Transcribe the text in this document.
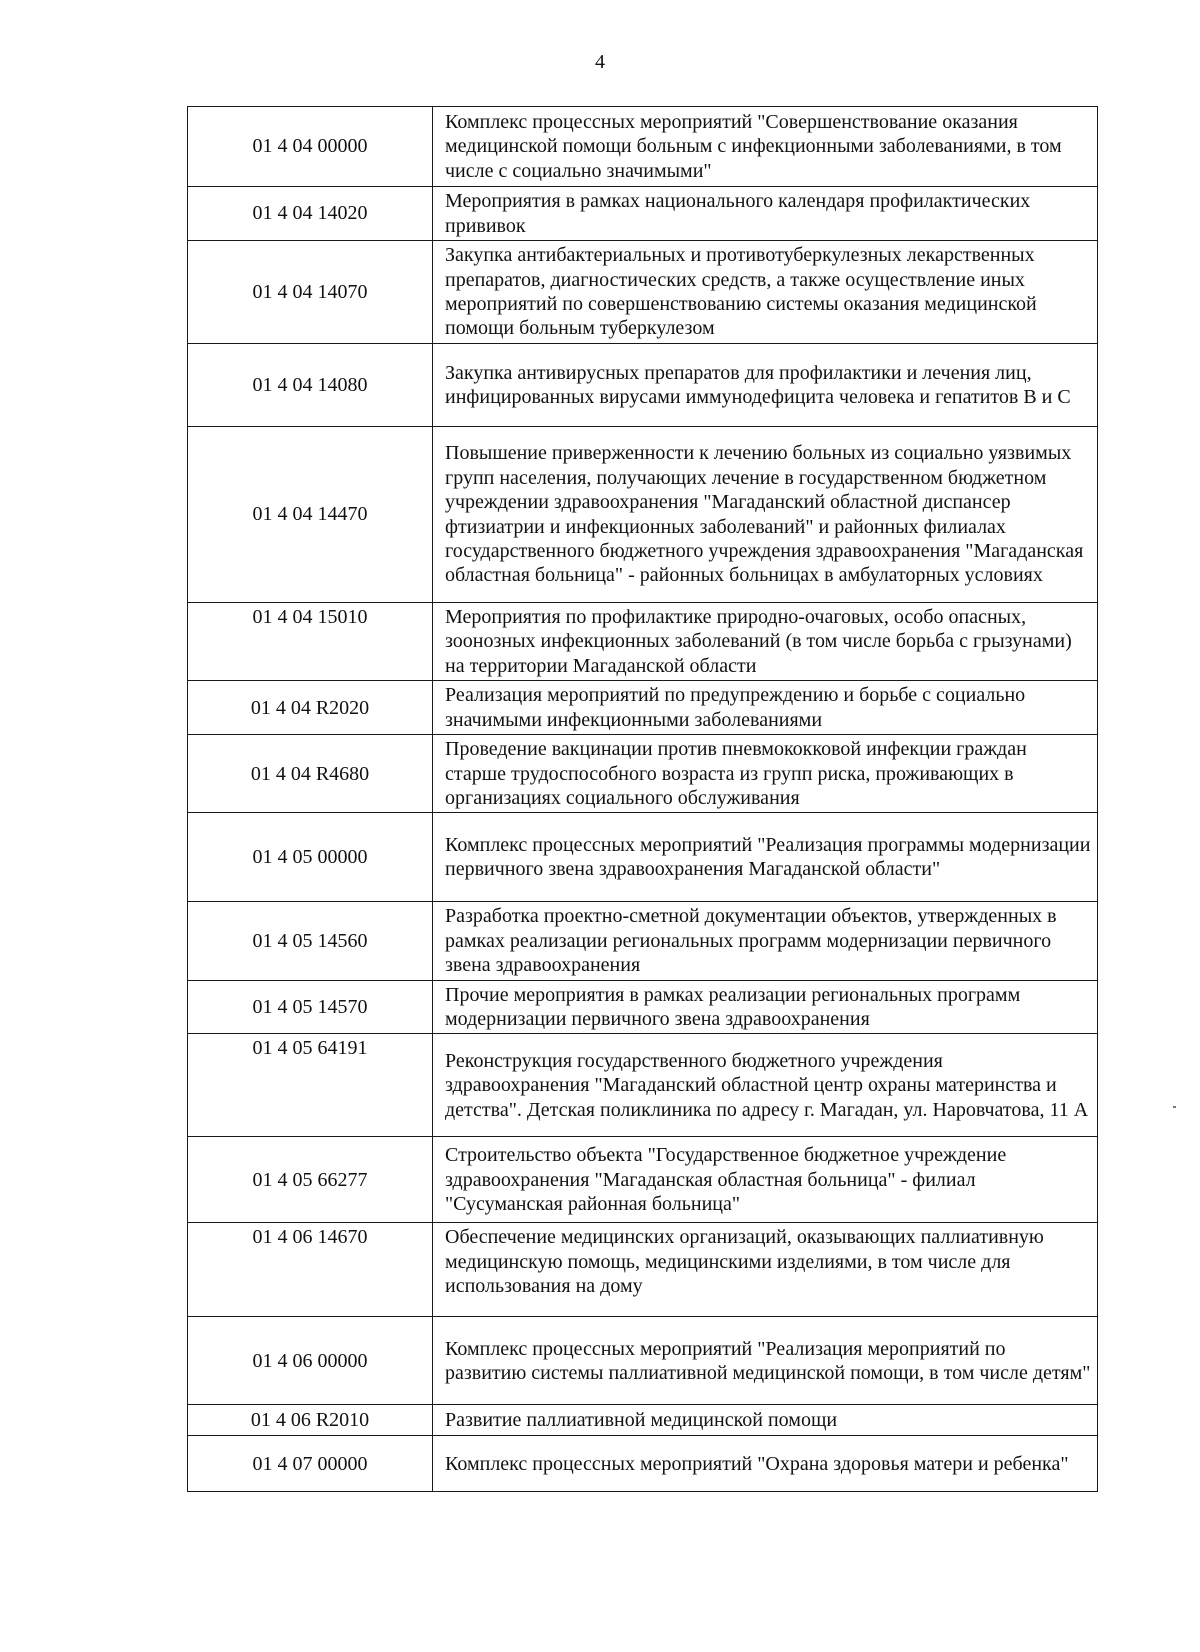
4
01 4 04 00000	Комплекс процессных мероприятий "Совершенствование оказания медицинской помощи больным с инфекционными заболеваниями, в том числе с социально значимыми"
01 4 04 14020	Мероприятия в рамках национального календаря профилактических прививок
01 4 04 14070	Закупка антибактериальных и противотуберкулезных лекарственных препаратов, диагностических средств, а также осуществление иных мероприятий по совершенствованию системы оказания медицинской помощи больным туберкулезом
01 4 04 14080	Закупка антивирусных препаратов для профилактики и лечения лиц, инфицированных вирусами иммунодефицита человека и гепатитов В и С
01 4 04 14470	Повышение приверженности к лечению больных из социально уязвимых групп населения, получающих лечение в государственном бюджетном учреждении здравоохранения "Магаданский областной диспансер фтизиатрии и инфекционных заболеваний" и районных филиалах государственного бюджетного учреждения здравоохранения "Магаданская областная больница" - районных больницах в амбулаторных условиях
01 4 04 15010	Мероприятия по профилактике природно-очаговых, особо опасных, зоонозных инфекционных заболеваний (в том числе борьба с грызунами) на территории Магаданской области
01 4 04 R2020	Реализация мероприятий по предупреждению и борьбе с социально значимыми инфекционными заболеваниями
01 4 04 R4680	Проведение вакцинации против пневмококковой инфекции граждан старше трудоспособного возраста из групп риска, проживающих в организациях социального обслуживания
01 4 05 00000	Комплекс процессных мероприятий "Реализация программы модернизации первичного звена здравоохранения Магаданской области"
01 4 05 14560	Разработка проектно-сметной документации объектов, утвержденных в рамках реализации региональных программ модернизации первичного звена здравоохранения
01 4 05 14570	Прочие мероприятия в рамках реализации региональных программ модернизации первичного звена здравоохранения
01 4 05 64191	Реконструкция государственного бюджетного учреждения здравоохранения "Магаданский областной центр охраны материнства и детства". Детская поликлиника по адресу г. Магадан, ул. Наровчатова, 11 А
01 4 05 66277	Строительство объекта "Государственное бюджетное учреждение здравоохранения "Магаданская областная больница" - филиал "Сусуманская районная больница"
01 4 06 14670	Обеспечение медицинских организаций, оказывающих паллиативную медицинскую помощь, медицинскими изделиями, в том числе для использования на дому
01 4 06 00000	Комплекс процессных мероприятий "Реализация мероприятий по развитию системы паллиативной медицинской помощи, в том числе детям"
01 4 06 R2010	Развитие паллиативной медицинской помощи
01 4 07 00000	Комплекс процессных мероприятий "Охрана здоровья матери и ребенка"
